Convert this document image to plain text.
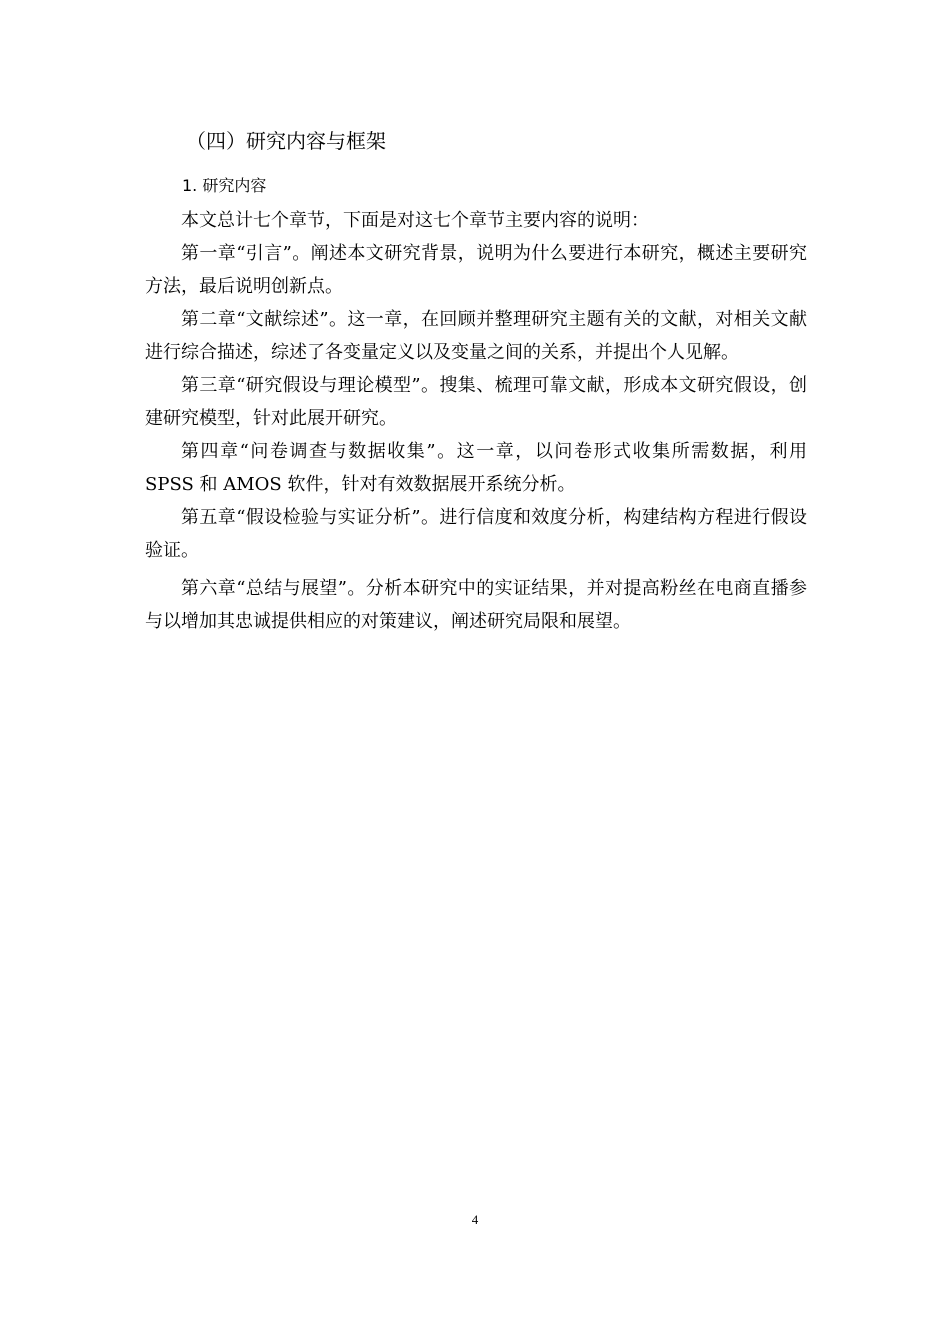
（四）研究内容与框架
1. 研究内容

本文总计七个章节，下面是对这七个章节主要内容的说明：

第一章“引言”。阐述本文研究背景，说明为什么要进行本研究，概述主要研究方法，最后说明创新点。

第二章“文献综述”。这一章，在回顾并整理研究主题有关的文献，对相关文献进行综合描述，综述了各变量定义以及变量之间的关系，并提出个人见解。

第三章“研究假设与理论模型”。搜集、梳理可靠文献，形成本文研究假设，创建研究模型，针对此展开研究。

第四章“问卷调查与数据收集”。这一章，以问卷形式收集所需数据，利用 SPSS 和 AMOS 软件，针对有效数据展开系统分析。

第五章“假设检验与实证分析”。进行信度和效度分析，构建结构方程进行假设验证。

第六章“总结与展望”。分析本研究中的实证结果，并对提高粉丝在电商直播参与以增加其忠诚提供相应的对策建议，阐述研究局限和展望。

4
